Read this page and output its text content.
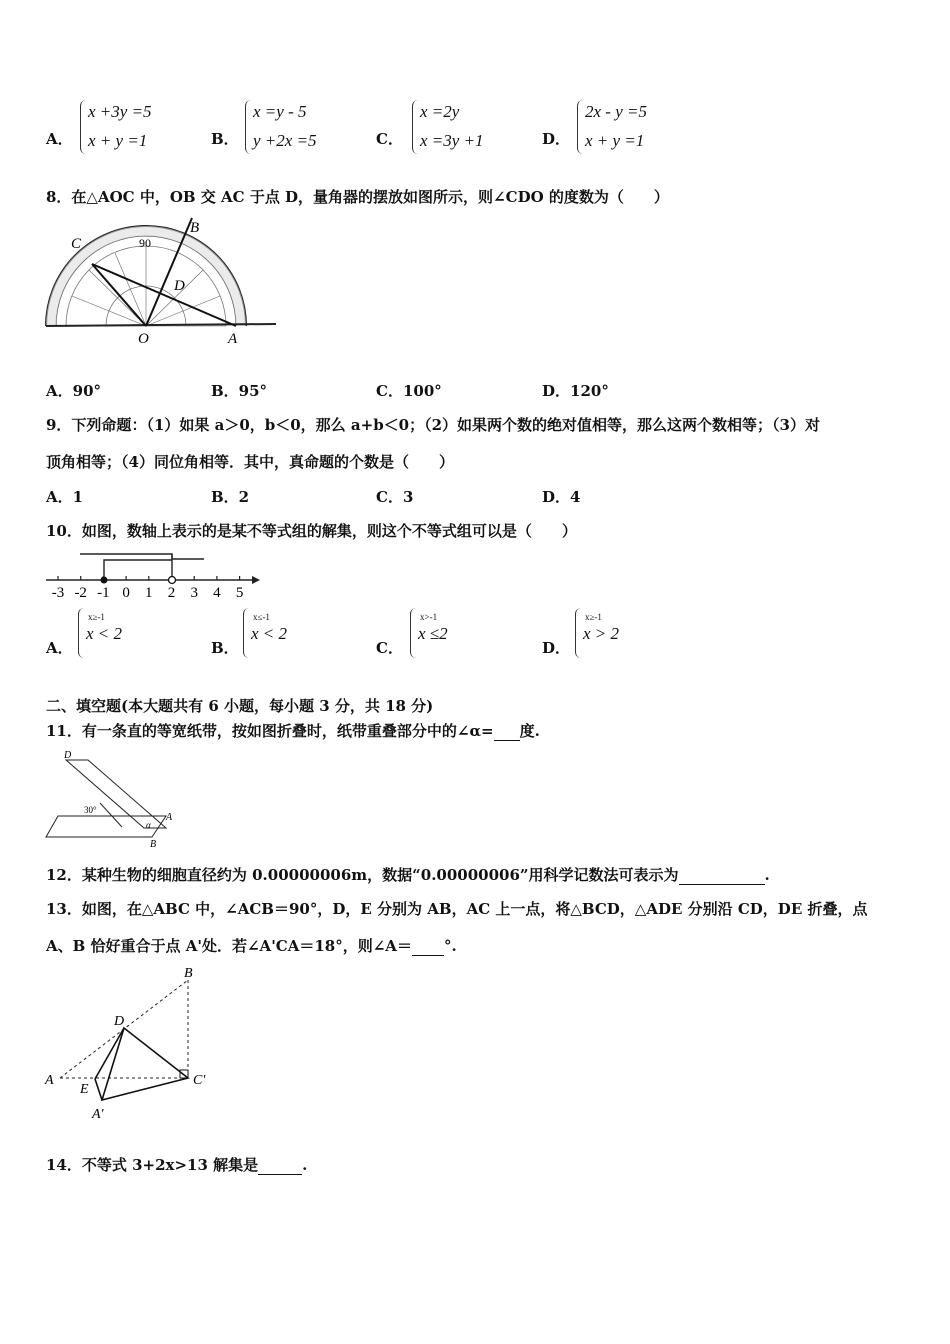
A．
x +3y =5
x + y =1	B．
x =y - 5
y +2x =5	C．
x =2y
x =3y +1	D．
2x - y =5
x + y =1
8．在△AOC 中，OB 交 AC 于点 D，量角器的摆放如图所示，则∠CDO 的度数为（　　）
C
B
D
O	A
90
A．90°	B．95°	C．100°	D．120°
9．下列命题：（1）如果 a＞0，b＜0，那么 a+b＜0；（2）如果两个数的绝对值相等，那么这两个数相等；（3）对
顶角相等；（4）同位角相等．其中，真命题的个数是（　　）
A．1	B．2	C．3	D．4
10．如图，数轴上表示的是某不等式组的解集，则这个不等式组可以是（　　）
-3 -2 -1 0 1 2 3 4 5
A．
x≥-1
x < 2
B．
x≤-1
x < 2
C．
x>-1
x ≤2
D．
x≥-1
x > 2
二、填空题(本大题共有 6 小题，每小题 3 分，共 18 分)
11．有一条直的等宽纸带，按如图折叠时，纸带重叠部分中的∠α= 度.
D
A
B
30°
α
12．某种生物的细胞直径约为 0.00000006m，数据“0.00000006”用科学记数法可表示为	.
13．如图，在△ABC 中，∠ACB＝90°，D，E 分别为 AB，AC 上一点，将△BCD，△ADE 分别沿 CD，DE 折叠，点
A、B 恰好重合于点 A'处．若∠A'CA＝18°，则∠A＝ °.
B
D
A
E
C'
A'
14．不等式 3+2x>13 解集是	.
